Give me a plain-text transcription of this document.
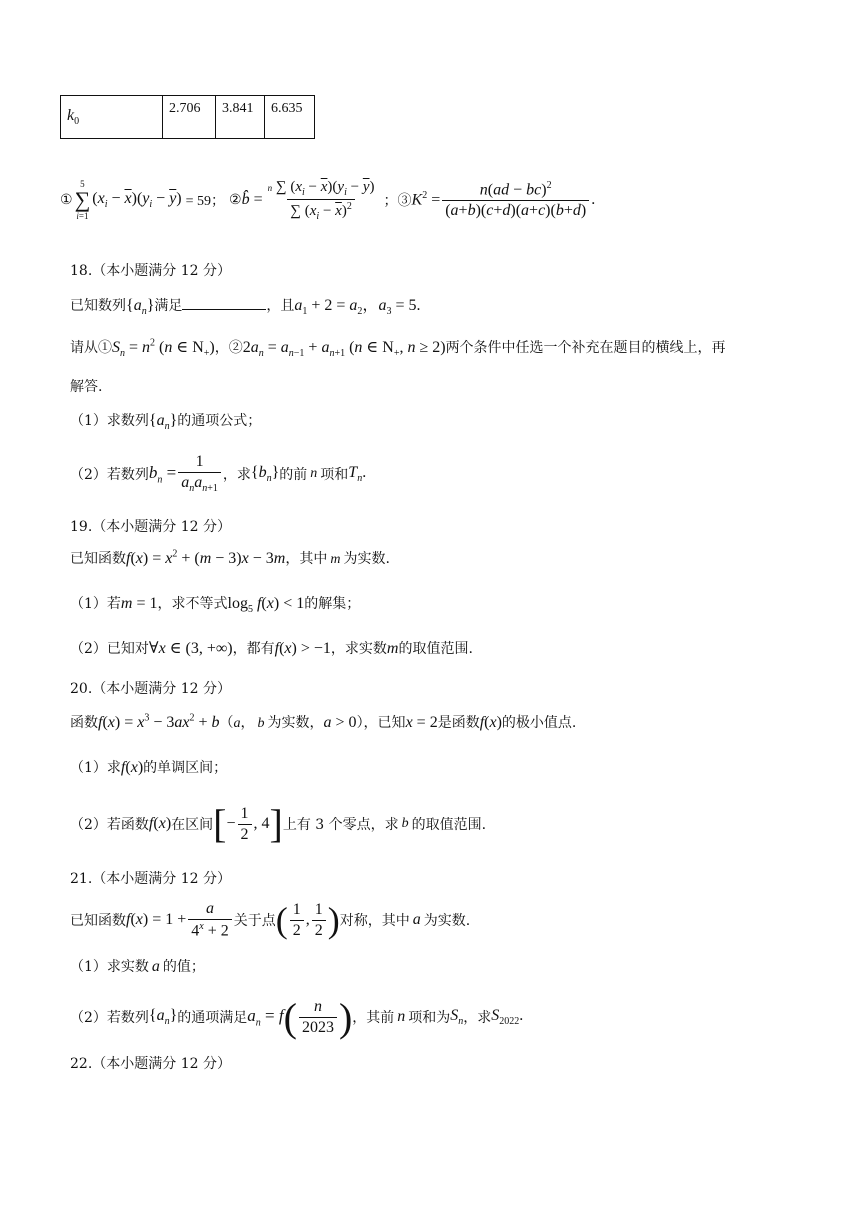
$k_0$	2.706	3.841	6.635
①
5
∑
i=1
$(x_i - \overline{x})(y_i - \overline{y}) = 59$； ② b̂ = $\frac{n \sum (x_i - \overline{x})(y_i - \overline{y})}{\sum (x_i - \overline{x})^2}$ ；③ $K^2 = \frac{n(ad - bc)^2}{(a+b)(c+d)(a+c)(b+d)}$ .
18.（本小题满分 12 分）
已知数列$\{a_n\}$满足	，且$a_1 + 2 = a_2$，$a_3 = 5$.
请从$①S_n = n^2$ (n ∈ $N_+$)，$②2a_n = a_{n-1} + a_{n+1}$ (n ∈ $N_+$, n ≥ 2)两个条件中任选一个补充在题目的横线上，再
解答.
（1）求数列$\{a_n\}$的通项公式；
（2）若数列 $b_n = \frac{1}{a_na_{n+1}}$ ，求 $\{b_n\}$ 的前 n 项和 $T_n$.
19.（本小题满分 12 分）
已知函数$f(x) = x^2 + (m - 3)x - 3m$，其中 m 为实数.
（1）若m = 1，求不等式$\log_5 f(x) < 1$的解集；
（2）已知对∀x ∈ (3, +∞)，都有f(x) > −1，求实数m的取值范围.
20.（本小题满分 12 分）
函数$f(x) = x^3 - 3ax^2 + b(a$， b 为实数，a > 0），已知x = 2是函数f(x)的极小值点.
（1）求f(x)的单调区间；
（2）若函数 f(x) 在区间 [ − $\frac{1}{2}$ , 4 ] 上有 3 个零点，求 b 的取值范围.
21.（本小题满分 12 分）
已知函数 $f(x) = 1 + \frac{a}{4^x + 2}$ 关于点 ( $\frac{1}{2}$ , $\frac{1}{2}$ ) 对称，其中 a 为实数.
（1）求实数 a 的值；
（2）若数列 $\{a_n\}$ 的通项满足 $a_n = f$ ( $\frac{n}{2023}$ ) ，其前 n 项和为 $S_n$ ，求 $S_{2022}$.
22.（本小题满分 12 分）
